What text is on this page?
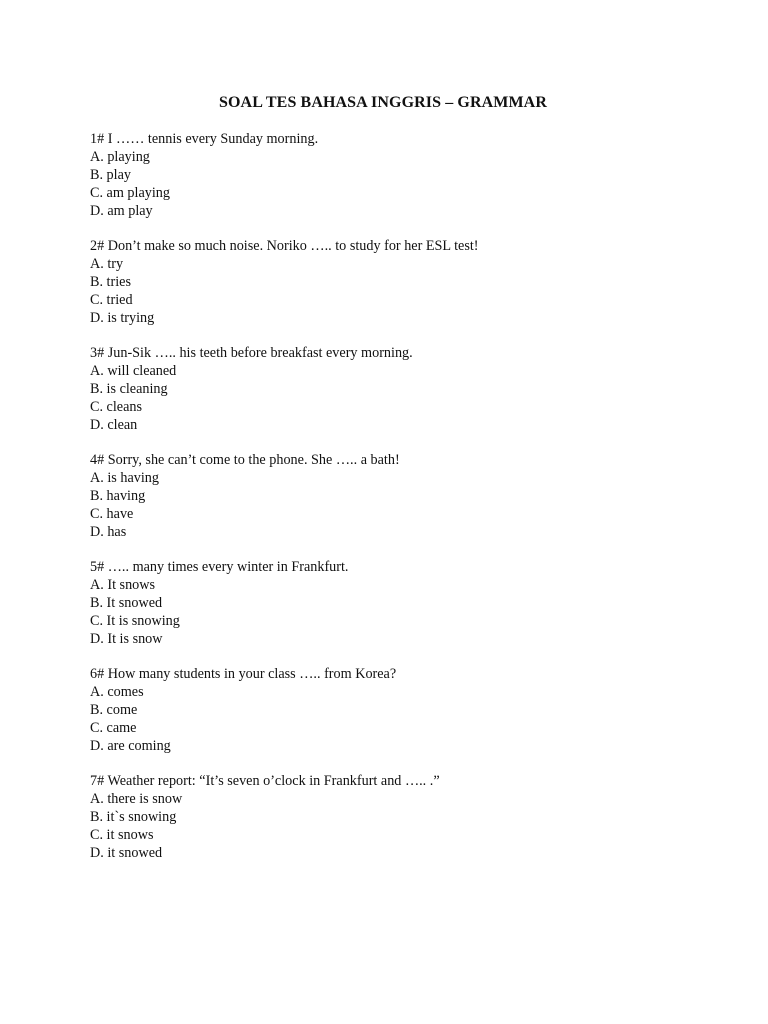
SOAL TES BAHASA INGGRIS – GRAMMAR
1# I …… tennis every Sunday morning.
A. playing
B. play
C. am playing
D. am play
2# Don’t make so much noise. Noriko ….. to study for her ESL test!
A. try
B. tries
C. tried
D. is trying
3# Jun-Sik ….. his teeth before breakfast every morning.
A. will cleaned
B. is cleaning
C. cleans
D. clean
4# Sorry, she can’t come to the phone. She ….. a bath!
A. is having
B. having
C. have
D. has
5# ….. many times every winter in Frankfurt.
A. It snows
B. It snowed
C. It is snowing
D. It is snow
6# How many students in your class ….. from Korea?
A. comes
B. come
C. came
D. are coming
7# Weather report: “It’s seven o’clock in Frankfurt and ….. .”
A. there is snow
B. it`s snowing
C. it snows
D. it snowed
